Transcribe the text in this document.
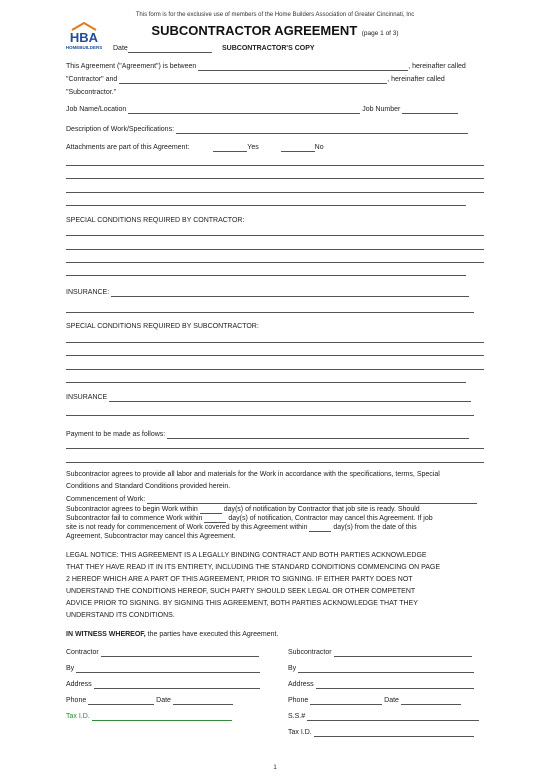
This form is for the exclusive use of members of the Home Builders Association of Greater Cincinnati, Inc
HBA
HOMEBUILDERS
SUBCONTRACTOR AGREEMENT (page 1 of 3)
Date	SUBCONTRACTOR'S COPY
This Agreement ("Agreement") is between	, hereinafter called
"Contractor" and	, hereinafter called
"Subcontractor."
Job Name/Location	Job Number
Description of Work/Specifications:
Attachments are part of this Agreement:	Yes	No
SPECIAL CONDITIONS REQUIRED BY CONTRACTOR:
INSURANCE:
SPECIAL CONDITIONS REQUIRED BY SUBCONTRACTOR:
INSURANCE
Payment to be made as follows:
Subcontractor agrees to provide all labor and materials for the Work in accordance with the specifications, terms, Special
Conditions and Standard Conditions provided herein.
Commencement of Work:
Subcontractor agrees to begin Work within	day(s) of notification by Contractor that job site is ready. Should
Subcontractor fail to commence Work within	day(s) of notification, Contractor may cancel this Agreement. If job
site is not ready for commencement of Work covered by this Agreement within	day(s) from the date of this
Agreement, Subcontractor may cancel this Agreement.
LEGAL NOTICE: THIS AGREEMENT IS A LEGALLY BINDING CONTRACT AND BOTH PARTIES ACKNOWLEDGE
THAT THEY HAVE READ IT IN ITS ENTIRETY, INCLUDING THE STANDARD CONDITIONS COMMENCING ON PAGE
2 HEREOF WHICH ARE A PART OF THIS AGREEMENT, PRIOR TO SIGNING. IF EITHER PARTY DOES NOT
UNDERSTAND THE CONDITIONS HEREOF, SUCH PARTY SHOULD SEEK LEGAL OR OTHER COMPETENT
ADVICE PRIOR TO SIGNING. BY SIGNING THIS AGREEMENT, BOTH PARTIES ACKNOWLEDGE THAT THEY
UNDERSTAND ITS CONDITIONS.
IN WITNESS WHEREOF, the parties have executed this Agreement.
Contractor
By
Address
Phone	Date
Tax I.D.
Subcontractor
By
Address
Phone	Date
S.S.#
Tax I.D.
1
